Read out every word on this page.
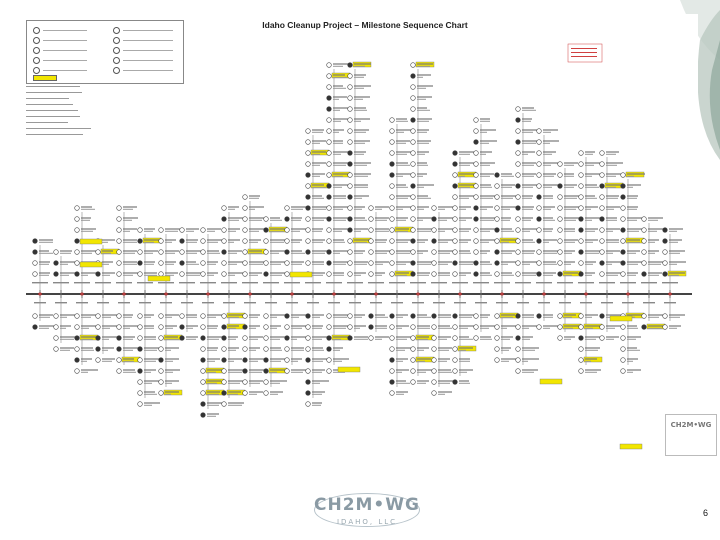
Idaho Cleanup Project – Milestone Sequence Chart
CH2M•WG
CH2M•WG
IDAHO, LLC
6
